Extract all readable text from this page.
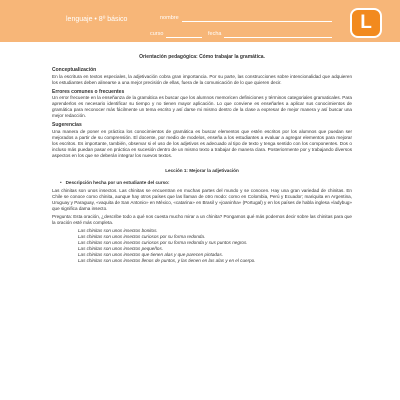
lenguaje • 8º básico	nombre
curso	fecha
L
Orientación pedagógica: Cómo trabajar la gramática.
Conceptualización

En la escritura en textos especiales, la adjetivación cobra gran importancia. Por su parte, las construcciones sobre intencionalidad que adquieren los estudiantes deben alinearse a una mejor precisión de ellas, fuera de la comunicación de lo que quieren decir.

Errores comunes o frecuentes

Un error frecuente en la enseñanza de la gramática es buscar que los alumnos memoricen definiciones y términos categoriales gramaticales. Para aprenderlos es necesario identificar su tiempo y no tienen mayor aplicación. Lo que conviene es enseñarles a aplicar sus conocimientos de gramática para reconocer más fácilmente un tema escrito y así darse mi mismo dentro de la clase a expresar de mejor manera y así buscar una mejor redacción.

Sugerencias

Una manera de poner en práctica los conocimientos de gramática es buscar elementos que estén escritos por los alumnos que puedan ser mejorados a partir de su comprensión. El docente, por medio de modelos, enseña a los estudiantes a evaluar a agregar elementos para mejorar los escritos. Es importante, también, observar si el uso de los adjetivos es adecuado al tipo de texto y tenga sentido con los componentes. Dos o incluso más puedan pasar en práctica en sucesión dentro de un mismo texto a trabajar de manera clara. Posteriormente por y trabajando diversos aspectos en los que se deberán integrar los nuevos textos.

Lección 1: Mejorar la adjetivación
• Descripción hecha por un estudiante del curso:

Las chinitas son unos insectos. Las chinitas se encuentran en muchas partes del mundo y se conocen. Hay una gran variedad de chinitas. En Chile se conoce como chinita, aunque hay otros países que las llaman de otro modo: como en Colombia, Perú y Ecuador; mariquita en Argentina, Uruguay y Paraguay, «vaquita de San Antonio» en México, «catarina» en Brasil y «joaninha» (Portugal) y en los países de habla inglesa «ladybug» que significa dama insecto.

Pregunta: Esta oración, ¿describe todo a qué nos cuesta mucho mirar a un chinita? Pongamos qué más podemos decir sobre las chinitas para que la oración esté más completa.

Las chinitas son unos insectos bonitos.
Las chinitas son unos insectos curiosos por su forma redonda.
Las chinitas son unos insectos curiosos por su forma redonda y sus puntos negros.
Las chinitas son unos insectos pequeños.
Las chinitas son unos insectos que tienen alas y que parecen pintadas.
Las chinitas son unos insectos llenos de puntos, y las tienen en las alas y en el cuerpo.
